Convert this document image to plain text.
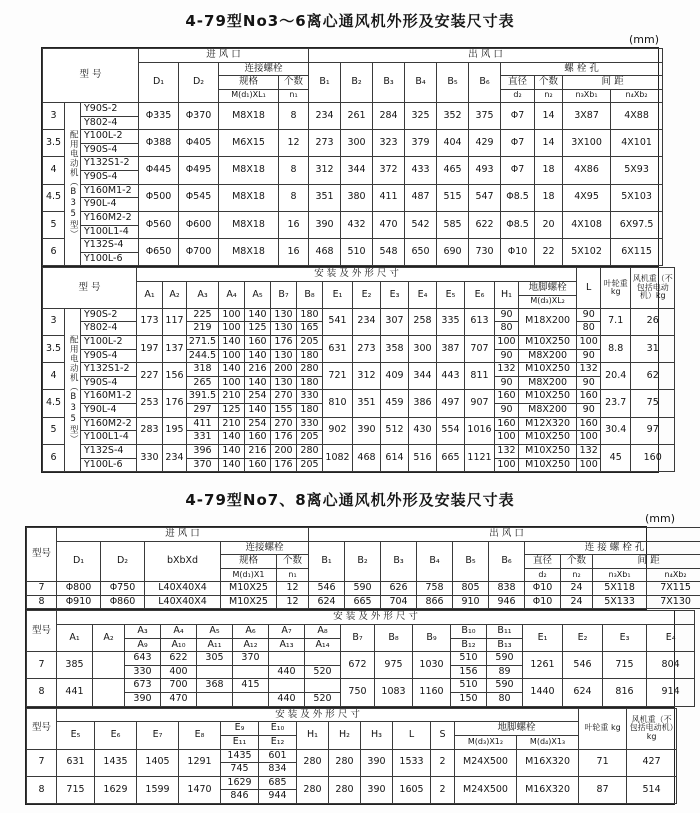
4-79型No3～6离心通风机外形及安装尺寸表
(mm)
型 号			进 风 口				出 风 口									
			D₁	D₂	连接螺栓		B₁	B₂	B₃	B₄	B₅	B₆	螺 栓 孔			
					规格	个数							直径	个数	间 距	
					M(d₁)XL₁	n₁							d₂	n₂	n₃Xb₁	n₄Xb₂
3	配用电动机（B35型）	Y90S-2	Φ335	Φ370	M8X18	8	234	261	284	325	352	375	Φ7	14	3X87	4X88
		Y802-4														
3.5		Y100L-2	Φ388	Φ405	M6X15	12	273	300	323	379	404	429	Φ7	14	3X100	4X101
		Y90S-4														
4		Y132S1-2	Φ445	Φ495	M8X18	8	312	344	372	433	465	493	Φ7	18	4X86	5X93
		Y90S-4														
4.5		Y160M1-2	Φ500	Φ545	M8X18	8	351	380	411	487	515	547	Φ8.5	18	4X95	5X103
		Y90L-4														
5		Y160M2-2	Φ560	Φ600	M8X18	16	390	432	470	542	585	622	Φ8.5	20	4X108	6X97.5
		Y100L1-4														
6		Y132S-4	Φ650	Φ700	M8X18	16	468	510	548	650	690	730	Φ10	22	5X102	6X115
		Y100L-6														
型 号			安 装 及 外 形 尺 寸															L	叶轮重 kg	风机重（不包括电动机）kg
			A₁	A₂	A₃	A₄	A₅	B₇	B₈	E₁	E₂	E₃	E₄	E₅	E₆	H₁	地脚螺栓			
																	M(d₃)XL₂			
3	配用电动机（B35型）	Y90S-2	173	117	225	100	140	130	180	541	234	307	258	335	613	90	M18X200	90	7.1	26
		Y802-4			219	100	125	130	165							80		80		
3.5		Y100L-2	197	137	271.5	140	160	176	205	631	273	358	300	387	707	100	M10X250	100	8.8	31
		Y90S-4			244.5	100	140	130	180							90	M8X200	90		
4		Y132S1-2	227	156	318	140	216	200	280	721	312	409	344	443	811	132	M10X250	132	20.4	62
		Y90S-4			265	100	140	130	180							90	M8X200	90		
4.5		Y160M1-2	253	176	391.5	210	254	270	330	810	351	459	386	497	907	160	M10X250	160	23.7	75
		Y90L-4			297	125	140	155	180							90	M8X200	90		
5		Y160M2-2	283	195	411	210	254	270	330	902	390	512	430	554	1016	160	M12X320	160	30.4	97
		Y100L1-4			331	140	160	176	205							100	M10X250	100		
6		Y132S-4	330	234	396	140	216	200	280	1082	468	614	516	665	1121	132	M10X250	132	45	160
		Y100L-6			370	140	160	176	205							100	M10X250	100		
4-79型No7、8离心通风机外形及安装尺寸表
(mm)
型号	进 风 口					出 风 口									
	D₁	D₂	bXbXd	连接螺栓		B₁	B₂	B₃	B₄	B₅	B₆	连 接 螺 栓 孔			
				规格	个数							直径	个数	间 距	
				M(d₁)X1	n₁							d₂	n₂	n₃Xb₁	n₄Xb₂
7	Φ800	Φ750	L40X40X4	M10X25	12	546	590	626	758	805	838	Φ10	24	5X118	7X115
8	Φ910	Φ860	L40X40X4	M10X25	12	624	665	704	866	910	946	Φ10	24	5X133	7X130
型号	安 装 及 外 形 尺 寸																
	A₁	A₂	A₃	A₄	A₅	A₆	A₇	A₈	B₇	B₈	B₉	B₁₀	B₁₁	E₁	E₂	E₃	E₄
			A₉	A₁₀	A₁₁	A₁₂	A₁₃	A₁₄				B₁₂	B₁₃				
7	385		643	622	305	370			672	975	1030	510	590	1261	546	715	804
			330	400			440	520				156	89				
8	441		673	700	368	415			750	1083	1160	510	590	1440	624	816	914
			390	470			440	520				150	80				
型号	安 装 及 外 形 尺 寸													叶轮重 kg	风机重（不包括电动机）kg
	E₅	E₆	E₇	E₈	E₉	E₁₀	H₁	H₂	H₃	L	S	地脚螺栓			
					E₁₁	E₁₂						M(d₃)X1₂	M(d₄)X1₃		
7	631	1435	1405	1291	1435	601	280	280	390	1533	2	M24X500	M16X320	71	427
					745	834									
8	715	1629	1599	1470	1629	685	280	280	390	1605	2	M24X500	M16X320	87	514
					846	944									
